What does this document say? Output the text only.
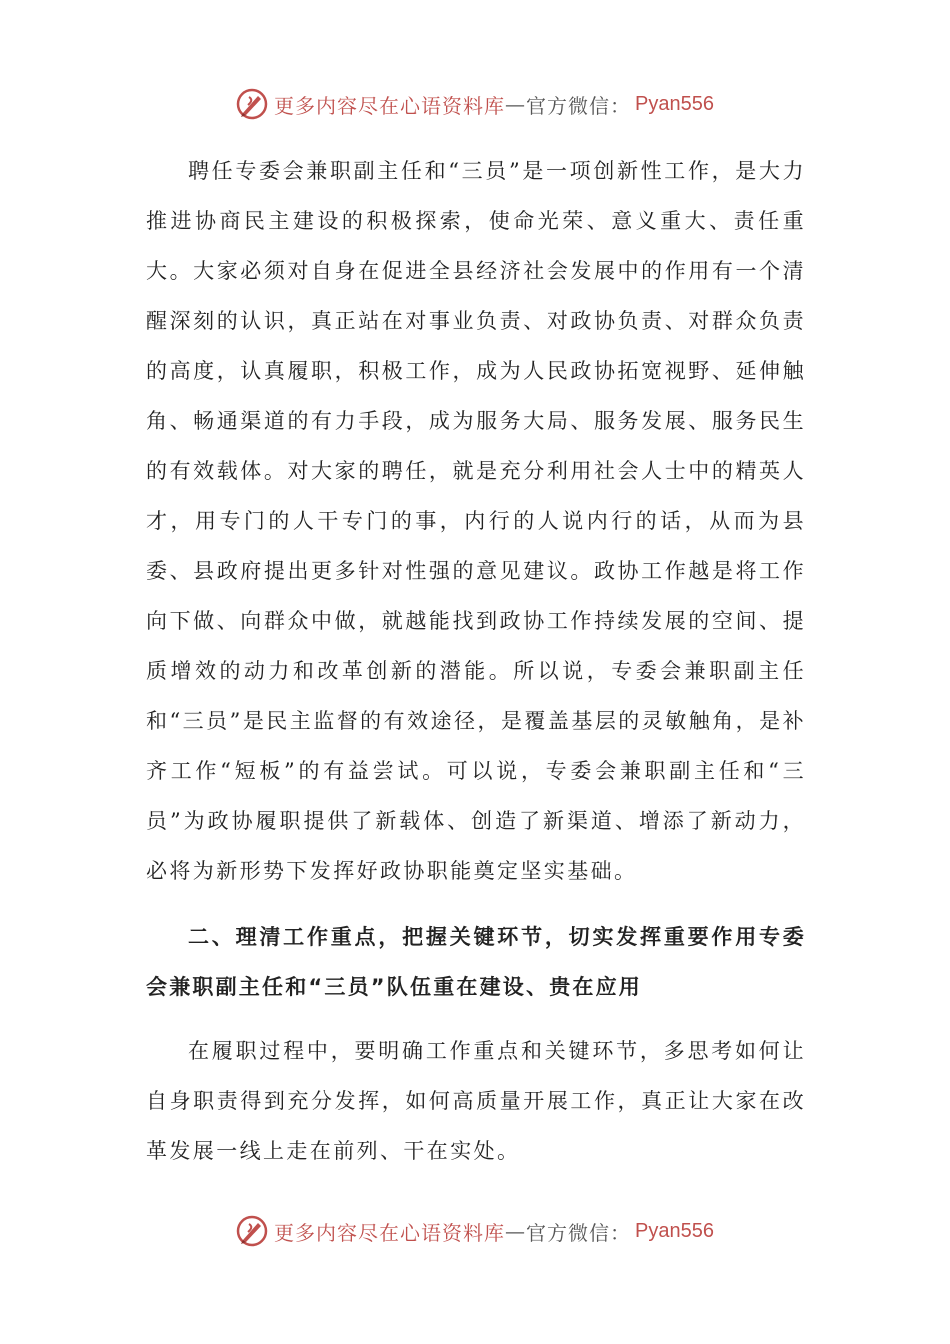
更多内容尽在心语资料库 — 官方微信： Pyan556

聘任专委会兼职副主任和“三员”是一项创新性工作，是大力推进协商民主建设的积极探索，使命光荣、意义重大、责任重大。大家必须对自身在促进全县经济社会发展中的作用有一个清醒深刻的认识，真正站在对事业负责、对政协负责、对群众负责的高度，认真履职，积极工作，成为人民政协拓宽视野、延伸触角、畅通渠道的有力手段，成为服务大局、服务发展、服务民生的有效载体。对大家的聘任，就是充分利用社会人士中的精英人才，用专门的人干专门的事，内行的人说内行的话，从而为县委、县政府提出更多针对性强的意见建议。政协工作越是将工作向下做、向群众中做，就越能找到政协工作持续发展的空间、提质增效的动力和改革创新的潜能。所以说，专委会兼职副主任和“三员”是民主监督的有效途径，是覆盖基层的灵敏触角，是补齐工作“短板”的有益尝试。可以说，专委会兼职副主任和“三员”为政协履职提供了新载体、创造了新渠道、增添了新动力，必将为新形势下发挥好政协职能奠定坚实基础。

二、理清工作重点，把握关键环节，切实发挥重要作用专委会兼职副主任和“三员”队伍重在建设、贵在应用

在履职过程中，要明确工作重点和关键环节，多思考如何让自身职责得到充分发挥，如何高质量开展工作，真正让大家在改革发展一线上走在前列、干在实处。

更多内容尽在心语资料库 — 官方微信： Pyan556
